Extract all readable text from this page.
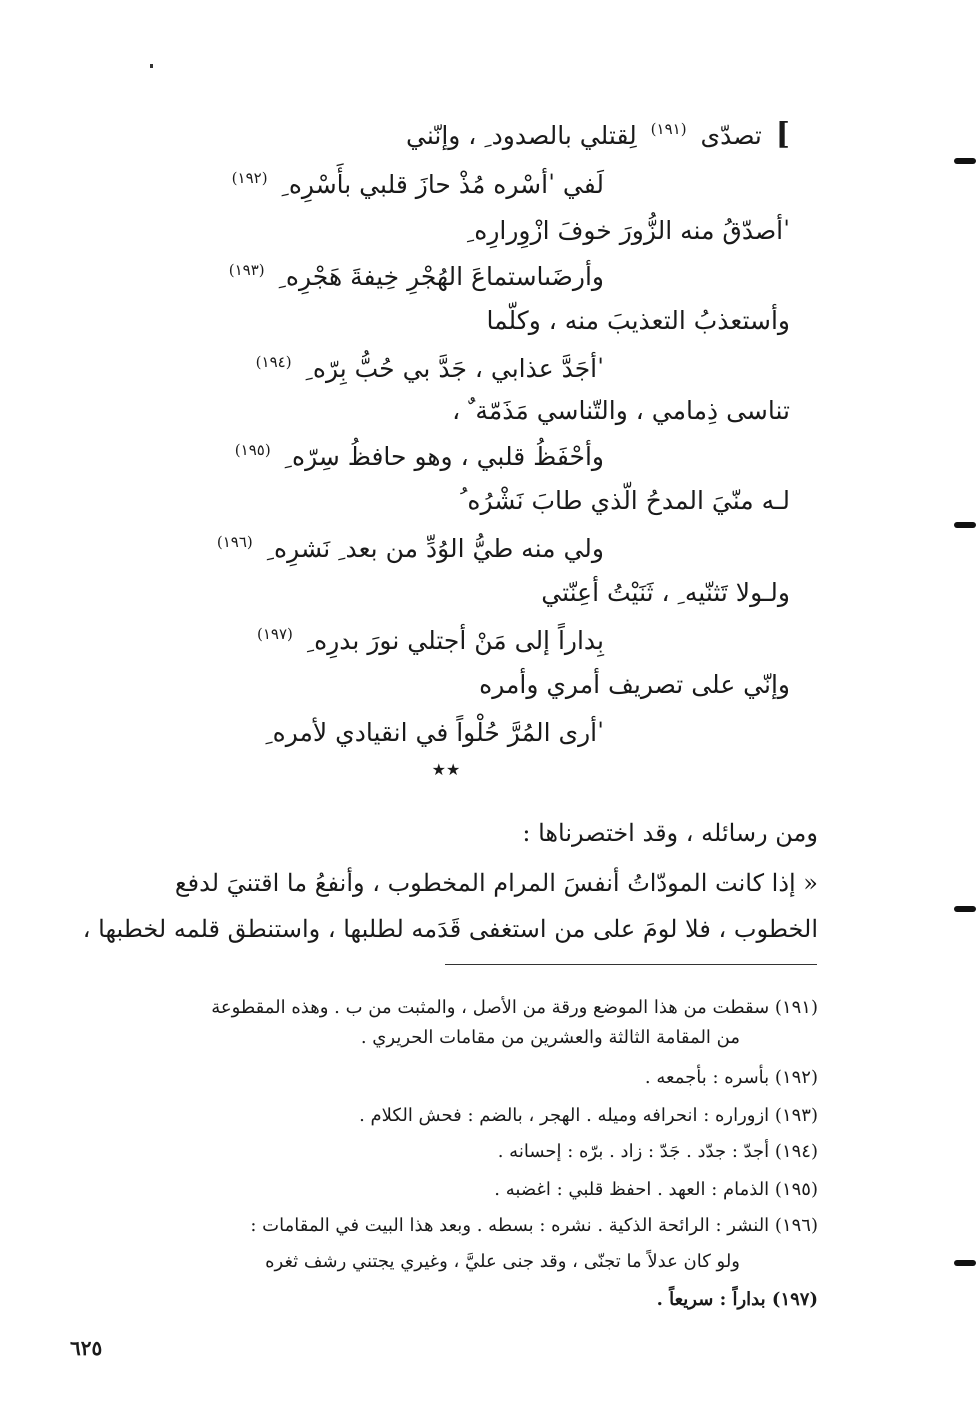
] تصدّى $^{(١٩١)}$ لِقتلي بالصدود ِ ، وإنّني
لَفي ˈأسْره مُذْ حازَ قلبي بأَسْرِه ِ $^{(١٩٢)}$
ˈأصدّقُ منه الزُّورَ خوفَ ازْوِرارِه ِ
وأرضَىاستماعَ الهُجْرِ خِيفةَ هَجْرِه ِ $^{(١٩٣)}$
وأستعذبُ التعذيبَ منه ، وكلّما
ˈأجَدَّ عذابي ، جَدَّ بي حُبُّ بِرّه ِ $^{(١٩٤)}$
تناسى ذِمامي ، والتّناسي مَذَمّة ٌ ،
وأحْفَظُ قلبي ، وهو حافظُ سِرّه ِ $^{(١٩٥)}$
لـه منّيَ المدحُ الّذي طابَ نَشْرُه ُ
ولي منه طيُّ الوُدِّ من بعد ِ نَشرِه ِ $^{(١٩٦)}$
ولـولا تَثنّيه ِ ، ثَنَيْتُ أعِنّتي
بِداراً إلى مَنْ أجتلي نورَ بدرِه ِ $^{(١٩٧)}$
وإنّي على تصريف أمري وأمره
ˈأرى المُرَّ حُلْواً في انقيادي لأمره ِ
★★
ومن رسائله ، وقد اختصرناها :
« إذا كانت المودّاتُ أنفسَ المرام المخطوب ، وأنفعُ ما اقتنيَ لدفع
الخطوب ، فلا لومَ على من استغفى قَدَمه لطلبها ، واستنطق قلمه لخطبها ،
(١٩١) سقطت من هذا الموضع ورقة من الأصل ، والمثبت من ب . وهذه المقطوعة
من المقامة الثالثة والعشرين من مقامات الحريري .
(١٩٢) بأسره : بأجمعه .
(١٩٣) ازوراره : انحرافه وميله . الهجر ، بالضم : فحش الكلام .
(١٩٤) أجدّ : جدّد . جَدّ : زاد . برّه : إحسانه .
(١٩٥) الذمام : العهد . احفظ قلبي : اغضبه .
(١٩٦) النشر : الرائحة الذكية . نشره : بسطه . وبعد هذا البيت في المقامات :
ولو كان عدلاً ما تجنّى ، وقد جنى عليَّ ، وغيري يجتني رشف ثغره
(١٩٧) بداراً : سريعاً .
٦٢٥
